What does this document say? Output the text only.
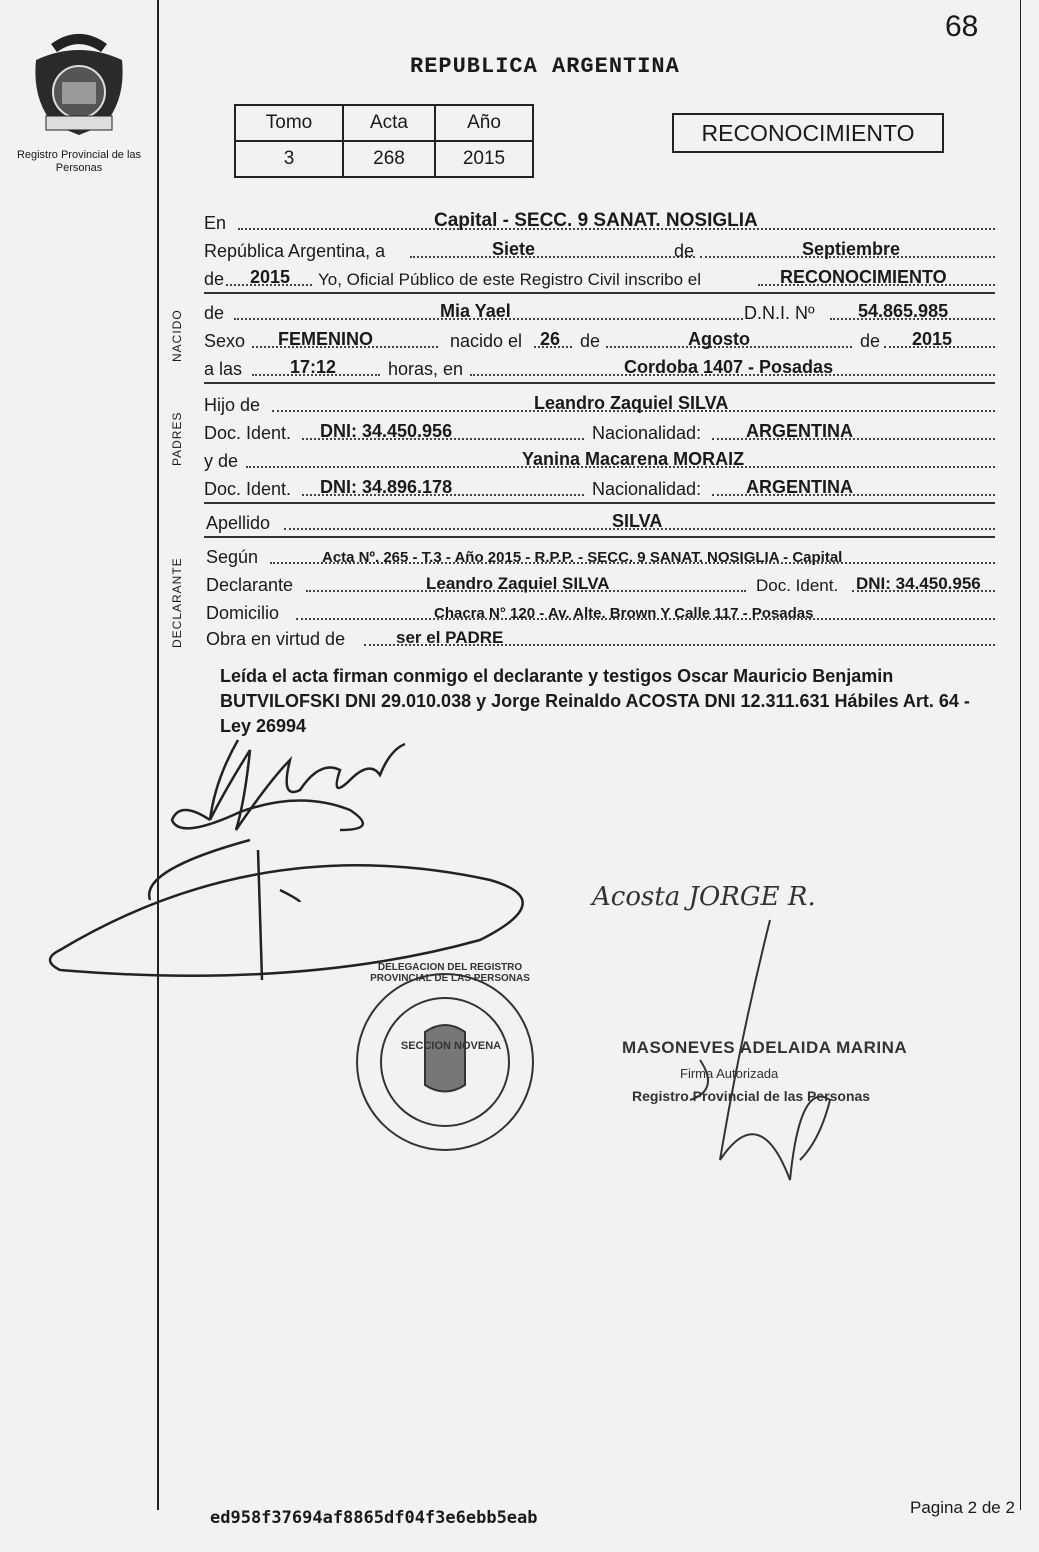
68
REPUBLICA ARGENTINA
Registro Provincial de las Personas
Tomo	Acta	Año
3	268	2015
RECONOCIMIENTO
En	Capital - SECC. 9 SANAT. NOSIGLIA
República Argentina, a	Siete	de	Septiembre
de 2015 Yo, Oficial Público de este Registro Civil inscribo el	RECONOCIMIENTO
NACIDO de	Mia Yael	D.N.I. Nº 54.865.985
Sexo FEMENINO	nacido el 26 de	Agosto	de 2015
a las	17:12	horas, en	Cordoba 1407 - Posadas
PADRES
Hijo de	Leandro Zaquiel SILVA
Doc. Ident. DNI: 34.450.956	Nacionalidad: ARGENTINA
y de	Yanina Macarena MORAIZ
Doc. Ident. DNI: 34.896.178	Nacionalidad: ARGENTINA
Apellido	SILVA
DECLARANTE
Según	Acta Nº. 265 - T.3 - Año 2015 - R.P.P. - SECC. 9 SANAT. NOSIGLIA - Capital
Declarante	Leandro Zaquiel SILVA	Doc. Ident. DNI: 34.450.956
Domicilio	Chacra N° 120 - Av. Alte. Brown Y Calle 117 - Posadas
Obra en virtud de	ser el PADRE
Leída el acta firman conmigo el declarante y testigos Oscar Mauricio Benjamin BUTVILOFSKI DNI 29.010.038 y Jorge Reinaldo ACOSTA DNI 12.311.631 Hábiles Art. 64 - Ley 26994
Acosta JORGE R.
SECCION NOVENA
DELEGACION DEL REGISTRO PROVINCIAL DE LAS PERSONAS
MASONEVES ADELAIDA MARINA
Firma Autorizada
Registro Provincial de las Personas
ed958f37694af8865df04f3e6ebb5eab
Pagina 2 de 2
